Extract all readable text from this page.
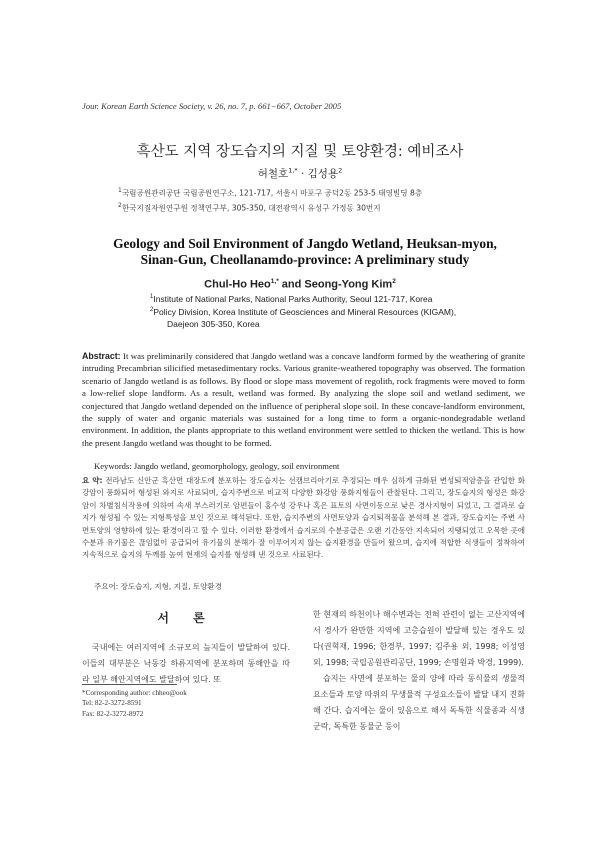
Jour. Korean Earth Science Society, v. 26, no. 7, p. 661−667, October 2005
흑산도 지역 장도습지의 지질 및 토양환경: 예비조사
허철호$^{1,*}$ · 김성용$^2$
$^1$국립공원관리공단 국립공원연구소, 121-717, 서울시 마포구 공덕2동 253-5 태영빌딩 8층
$^2$한국지질자원연구원 정책연구부, 305-350, 대전광역시 유성구 가정동 30번지
Geology and Soil Environment of Jangdo Wetland, Heuksan-myon,
Sinan-Gun, Cheollanamdo-province: A preliminary study
Chul-Ho Heo$^{1,*}$ and Seong-Yong Kim$^2$
$^1$Institute of National Parks, National Parks Authority, Seoul 121-717, Korea
$^2$Policy Division, Korea Institute of Geosciences and Mineral Resources (KIGAM),
Daejeon 305-350, Korea
Abstract: It was preliminarily considered that Jangdo wetland was a concave landform formed by the weathering of granite intruding Precambrian silicified metasedimentary rocks. Various granite-weathered topography was observed. The formation scenario of Jangdo wetland is as follows. By flood or slope mass movement of regolith, rock fragments were moved to form a low-relief slope landform. As a result, wetland was formed. By analyzing the slope soil and wetland sediment, we conjectured that Jangdo wetland depended on the influence of peripheral slope soil. In these concave-landform environment, the supply of water and organic materials was sustained for a long time to form a organic-nondegradable wetland environment. In addition, the plants appropriate to this wetland environment were settled to thicken the wetland. This is how the present Jangdo wetland was thought to be formed.
Keywords: Jangdo wetland, geomorphology, geology, soil environment
요 약: 전라남도 신안군 흑산면 대장도에 분포하는 장도습지는 선캠브리아기로 추정되는 매우 심하게 규화된 변성퇴적암층을 관입한 화강암이 풍화되어 형성된 와지로 사료되며, 습지주변으로 비교적 다양한 화강암 풍화지형들이 관찰된다. 그리고, 장도습지의 형성은 화강암이 차별침식작용에 의하여 속새 부스러기로 암편들이 홍수성 강우나 혹은 표토의 사면이동으로 낮은 경사지형이 되었고, 그 결과로 습지가 형성될 수 있는 지형특성을 보인 것으로 해석된다. 또한, 습지주변의 사면토양과 습지퇴적물을 분석해 본 결과, 장도습지는 주변 사면토양의 영향하에 있는 환경이라고 할 수 있다. 이러한 환경에서 습지로의 수분공급은 오랜 기간동안 지속되어 지탱되었고 오목한 곳에 수분과 유기물은 끊임없이 공급되어 유기물의 분해가 잘 이루어지지 않는 습지환경을 만들어 왔으며, 습지에 적합한 식생들이 정착하여 지속적으로 습지의 두께를 높여 현재의 습지를 형성해 낸 것으로 사료된다.
주요어: 장도습지, 지형, 지질, 토양환경
서 론
국내에는 여러지역에 소규모의 늪지들이 발달하여 있다. 이들의 대부분은 낙동강 하류지역에 분포하며 동해안을 따라 일부 해안지역에도 발달하여 있다. 또

한 현재의 하천이나 해수변과는 전혀 관련이 없는 고산지역에서 경사가 완만한 지역에 고층습원이 발달해 있는 경우도 있다(권혁재, 1996; 한경부, 1997; 김주용 외, 1998; 이성영 외, 1998; 국립공원관리공단, 1999; 손명원과 박경, 1999).

습지는 사면에 분포하는 물의 양에 따라 동식물의 생물적 요소들과 토양 따위의 무생물적 구성요소들이 발달 내지 진화해 간다. 습지에는 물이 있음으로 해서 독특한 식물종과 식생군락, 독특한 동물군 등이

*Corresponding author: chheo@ook
Tel: 82-2-3272-8591
Fax: 82-2-3272-8972
